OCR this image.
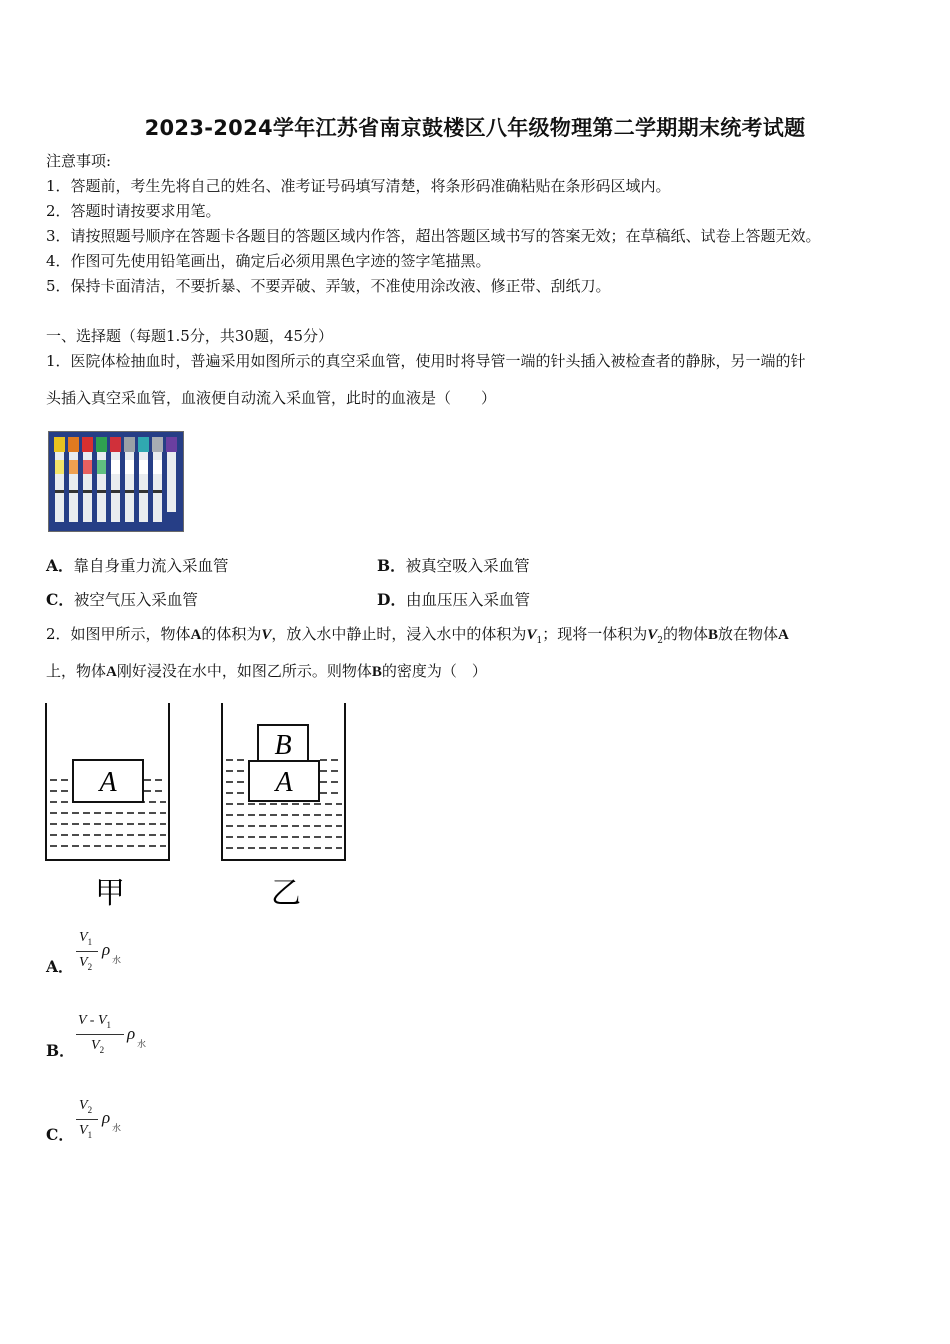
2023-2024学年江苏省南京鼓楼区八年级物理第二学期期末统考试题
注意事项:
1．答题前，考生先将自己的姓名、准考证号码填写清楚，将条形码准确粘贴在条形码区域内。
2．答题时请按要求用笔。
3．请按照题号顺序在答题卡各题目的答题区域内作答，超出答题区域书写的答案无效；在草稿纸、试卷上答题无效。
4．作图可先使用铅笔画出，确定后必须用黑色字迹的签字笔描黑。
5．保持卡面清洁，不要折暴、不要弄破、弄皱，不准使用涂改液、修正带、刮纸刀。
一、选择题（每题1.5分，共30题，45分）
1．医院体检抽血时，普遍采用如图所示的真空采血管，使用时将导管一端的针头插入被检查者的静脉，另一端的针
头插入真空采血管，血液便自动流入采血管，此时的血液是（　　）
A．靠自身重力流入采血管	B．被真空吸入采血管
C．被空气压入采血管	D．由血压压入采血管
2．如图甲所示，物体A的体积为V，放入水中静止时，浸入水中的体积为$V_1$；现将一体积为$V_2$的物体B放在物体A
上，物体A刚好浸没在水中，如图乙所示。则物体B的密度为（　）
A
甲
A
B
乙
A．
$V_1$
$V_2$
ρ
水
B．
V - $V_1$
$V_2$
ρ
水
C．
$V_2$
$V_1$
ρ
水
